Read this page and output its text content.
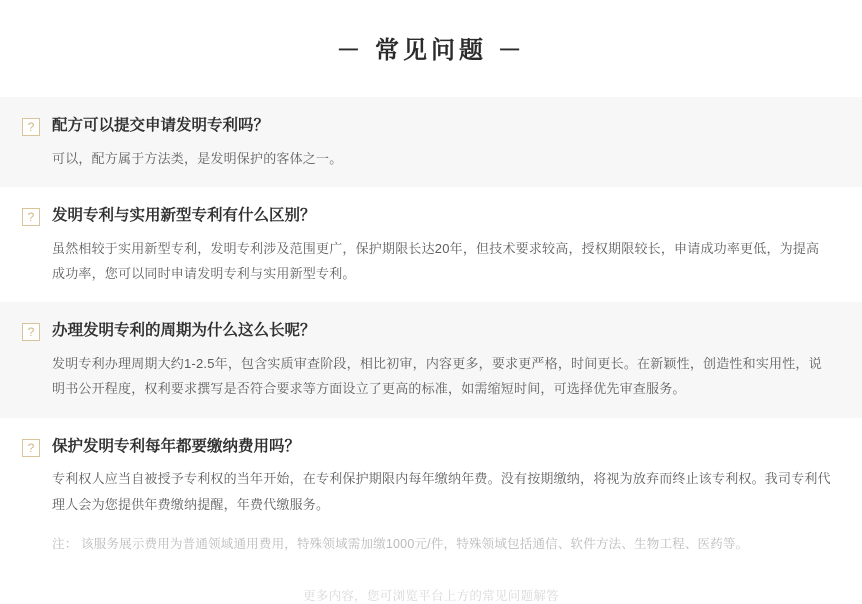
－ 常见问题 －
?	配方可以提交申请发明专利吗？
可以，配方属于方法类，是发明保护的客体之一。
?	发明专利与实用新型专利有什么区别？
虽然相较于实用新型专利，发明专利涉及范围更广，保护期限长达20年，但技术要求较高，授权期限较长，申请成功率更低，为提高成功率，您可以同时申请发明专利与实用新型专利。
?	办理发明专利的周期为什么这么长呢？
发明专利办理周期大约1-2.5年，包含实质审查阶段，相比初审，内容更多，要求更严格，时间更长。在新颖性，创造性和实用性，说明书公开程度，权利要求撰写是否符合要求等方面设立了更高的标准，如需缩短时间，可选择优先审查服务。
?	保护发明专利每年都要缴纳费用吗？
专利权人应当自被授予专利权的当年开始，在专利保护期限内每年缴纳年费。没有按期缴纳，将视为放弃而终止该专利权。我司专利代理人会为您提供年费缴纳提醒，年费代缴服务。
注： 该服务展示费用为普通领域通用费用，特殊领域需加缴1000元/件，特殊领域包括通信、软件方法、生物工程、医药等。
更多内容，您可浏览平台上方的常见问题解答
